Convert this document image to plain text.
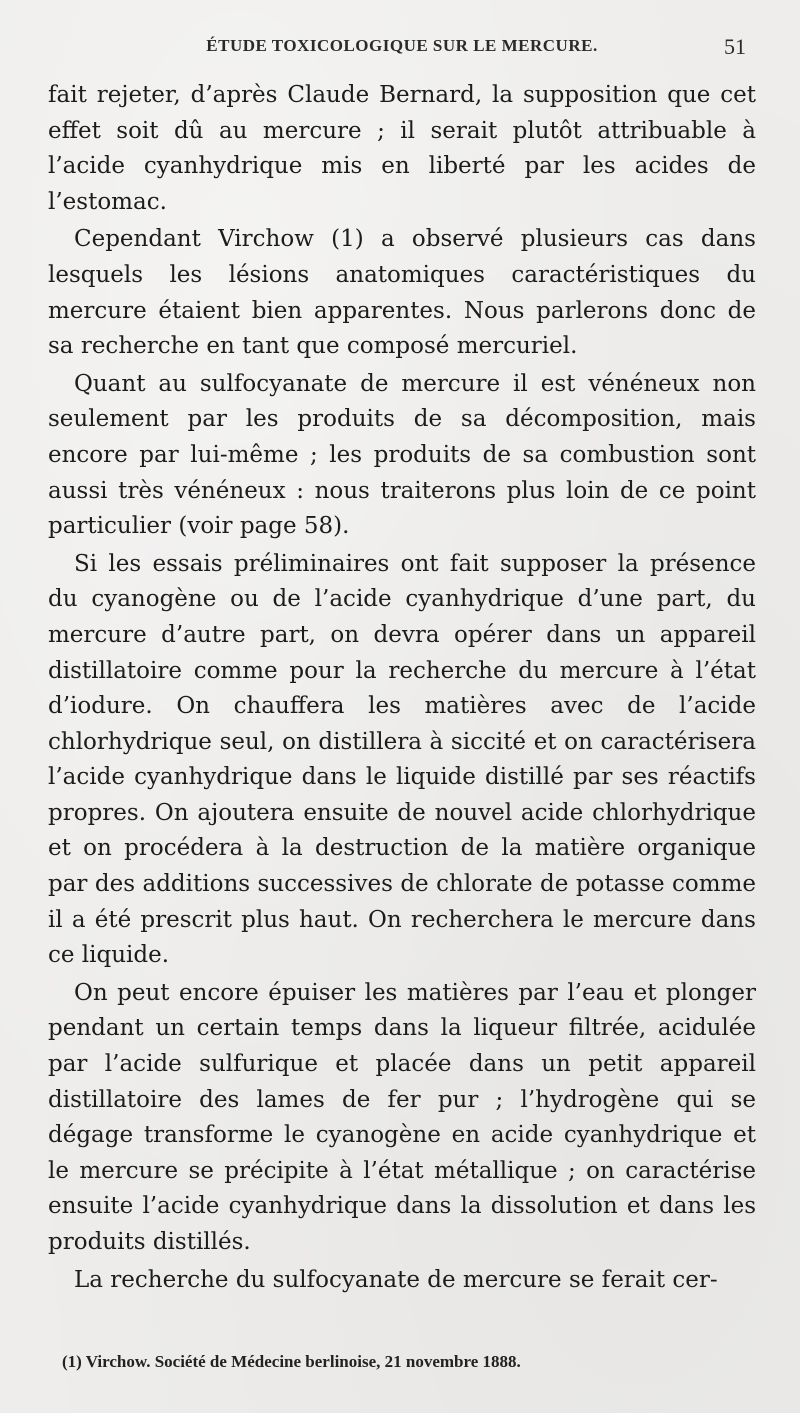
ÉTUDE TOXICOLOGIQUE SUR LE MERCURE.	51

fait rejeter, d’après Claude Bernard, la supposition que cet effet soit dû au mercure ; il serait plutôt attribuable à l’acide cyanhydrique mis en liberté par les acides de l’estomac.

Cependant Virchow (1) a observé plusieurs cas dans lesquels les lésions anatomiques caractéristiques du mercure étaient bien apparentes. Nous parlerons donc de sa recherche en tant que composé mercuriel.

Quant au sulfocyanate de mercure il est vénéneux non seulement par les produits de sa décomposition, mais encore par lui-même ; les produits de sa combustion sont aussi très vénéneux : nous traiterons plus loin de ce point particulier (voir page 58).

Si les essais préliminaires ont fait supposer la présence du cyanogène ou de l’acide cyanhydrique d’une part, du mercure d’autre part, on devra opérer dans un appareil distillatoire comme pour la recherche du mercure à l’état d’iodure. On chauffera les matières avec de l’acide chlorhydrique seul, on distillera à siccité et on caractérisera l’acide cyanhydrique dans le liquide distillé par ses réactifs propres. On ajoutera ensuite de nouvel acide chlorhydrique et on procédera à la destruction de la matière organique par des additions successives de chlorate de potasse comme il a été prescrit plus haut. On recherchera le mercure dans ce liquide.

On peut encore épuiser les matières par l’eau et plonger pendant un certain temps dans la liqueur filtrée, acidulée par l’acide sulfurique et placée dans un petit appareil distillatoire des lames de fer pur ; l’hydrogène qui se dégage transforme le cyanogène en acide cyanhydrique et le mercure se précipite à l’état métallique ; on caractérise ensuite l’acide cyanhydrique dans la dissolution et dans les produits distillés.

La recherche du sulfocyanate de mercure se ferait cer-

(1) Virchow. Société de Médecine berlinoise, 21 novembre 1888.
